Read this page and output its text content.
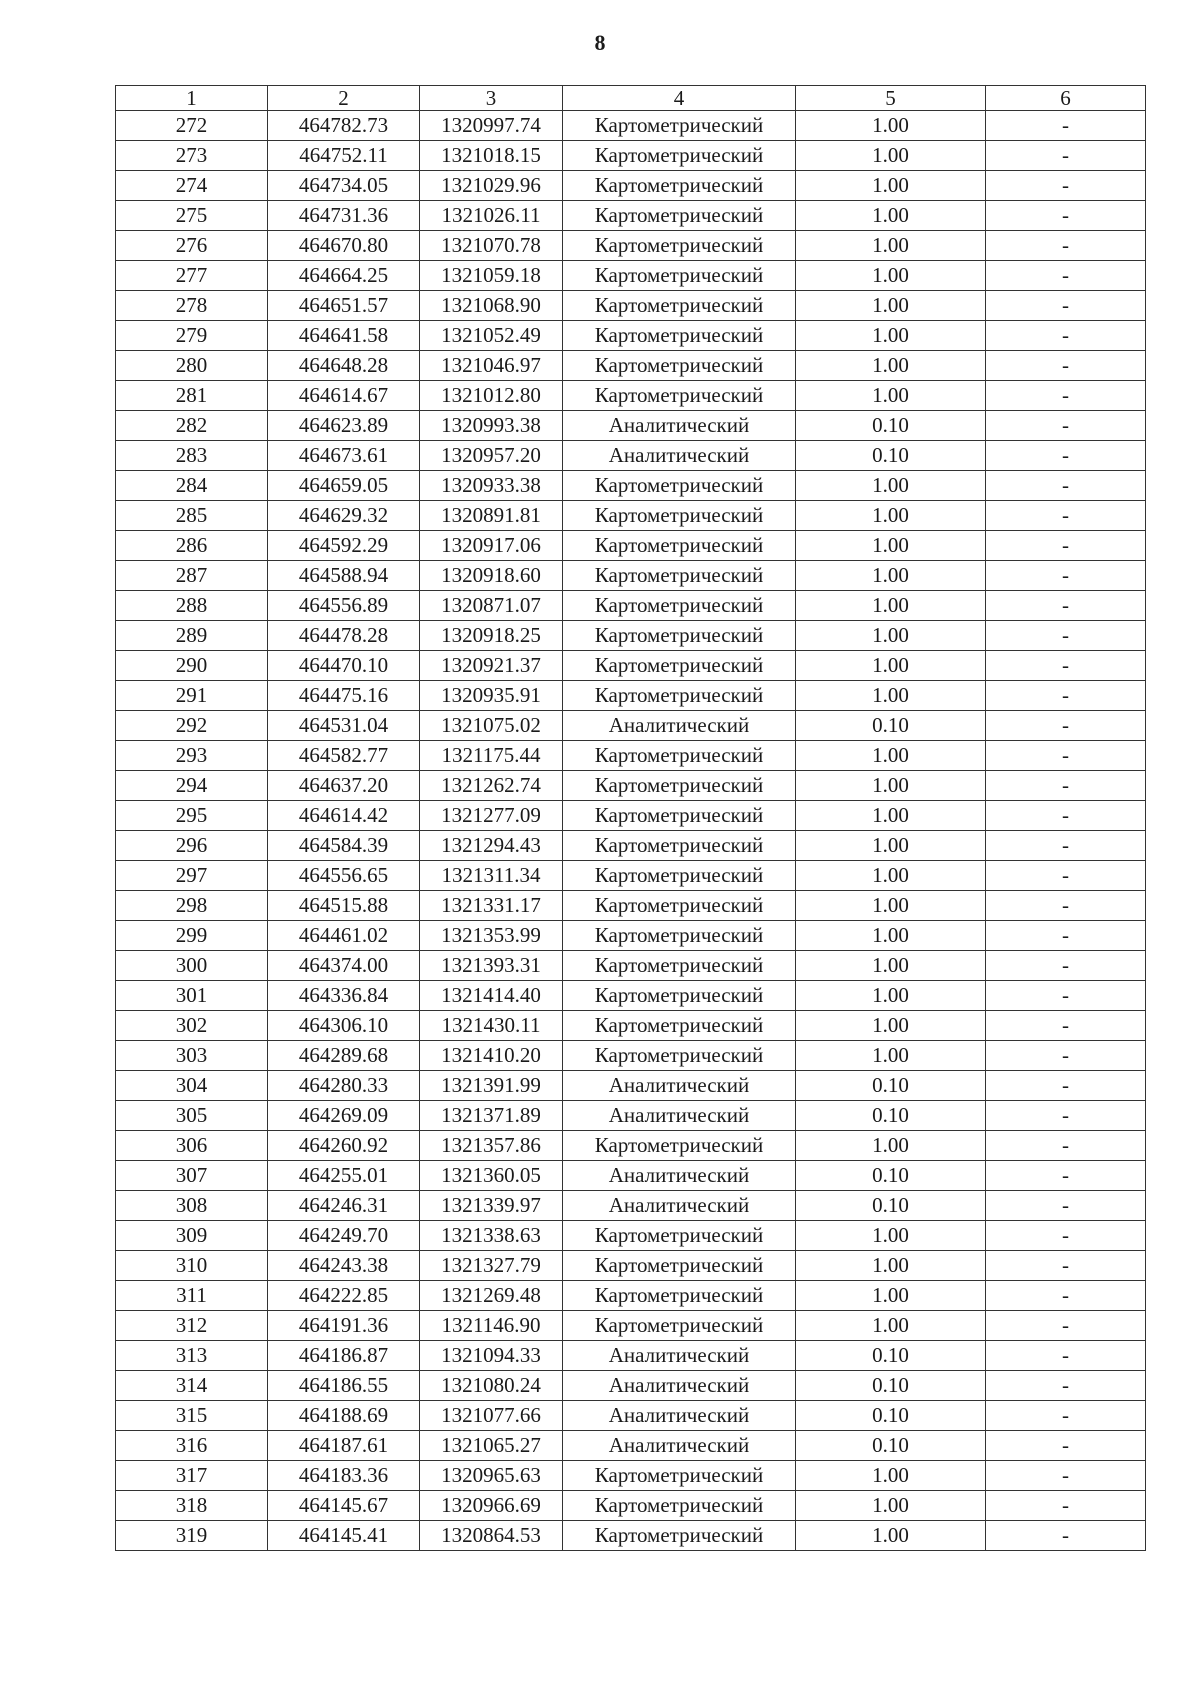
8
1	2	3	4	5	6
272	464782.73	1320997.74	Картометрический	1.00	-
273	464752.11	1321018.15	Картометрический	1.00	-
274	464734.05	1321029.96	Картометрический	1.00	-
275	464731.36	1321026.11	Картометрический	1.00	-
276	464670.80	1321070.78	Картометрический	1.00	-
277	464664.25	1321059.18	Картометрический	1.00	-
278	464651.57	1321068.90	Картометрический	1.00	-
279	464641.58	1321052.49	Картометрический	1.00	-
280	464648.28	1321046.97	Картометрический	1.00	-
281	464614.67	1321012.80	Картометрический	1.00	-
282	464623.89	1320993.38	Аналитический	0.10	-
283	464673.61	1320957.20	Аналитический	0.10	-
284	464659.05	1320933.38	Картометрический	1.00	-
285	464629.32	1320891.81	Картометрический	1.00	-
286	464592.29	1320917.06	Картометрический	1.00	-
287	464588.94	1320918.60	Картометрический	1.00	-
288	464556.89	1320871.07	Картометрический	1.00	-
289	464478.28	1320918.25	Картометрический	1.00	-
290	464470.10	1320921.37	Картометрический	1.00	-
291	464475.16	1320935.91	Картометрический	1.00	-
292	464531.04	1321075.02	Аналитический	0.10	-
293	464582.77	1321175.44	Картометрический	1.00	-
294	464637.20	1321262.74	Картометрический	1.00	-
295	464614.42	1321277.09	Картометрический	1.00	-
296	464584.39	1321294.43	Картометрический	1.00	-
297	464556.65	1321311.34	Картометрический	1.00	-
298	464515.88	1321331.17	Картометрический	1.00	-
299	464461.02	1321353.99	Картометрический	1.00	-
300	464374.00	1321393.31	Картометрический	1.00	-
301	464336.84	1321414.40	Картометрический	1.00	-
302	464306.10	1321430.11	Картометрический	1.00	-
303	464289.68	1321410.20	Картометрический	1.00	-
304	464280.33	1321391.99	Аналитический	0.10	-
305	464269.09	1321371.89	Аналитический	0.10	-
306	464260.92	1321357.86	Картометрический	1.00	-
307	464255.01	1321360.05	Аналитический	0.10	-
308	464246.31	1321339.97	Аналитический	0.10	-
309	464249.70	1321338.63	Картометрический	1.00	-
310	464243.38	1321327.79	Картометрический	1.00	-
311	464222.85	1321269.48	Картометрический	1.00	-
312	464191.36	1321146.90	Картометрический	1.00	-
313	464186.87	1321094.33	Аналитический	0.10	-
314	464186.55	1321080.24	Аналитический	0.10	-
315	464188.69	1321077.66	Аналитический	0.10	-
316	464187.61	1321065.27	Аналитический	0.10	-
317	464183.36	1320965.63	Картометрический	1.00	-
318	464145.67	1320966.69	Картометрический	1.00	-
319	464145.41	1320864.53	Картометрический	1.00	-
